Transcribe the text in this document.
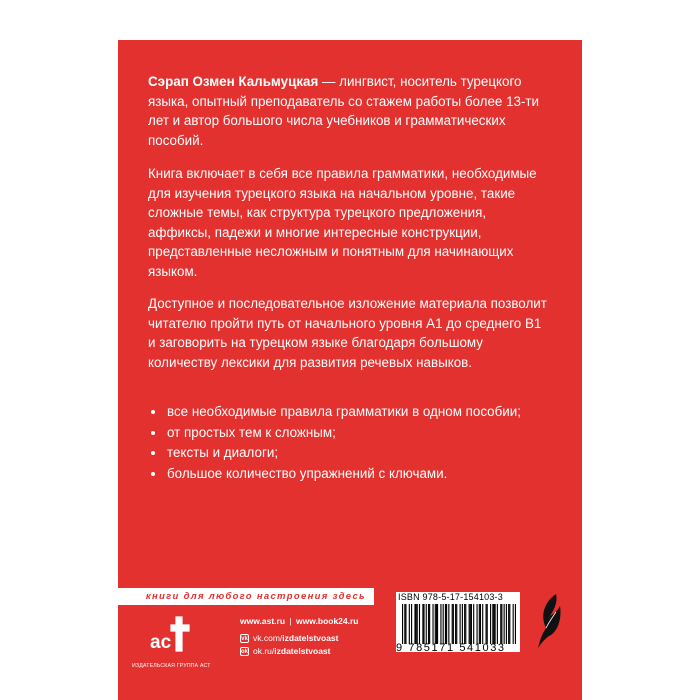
Сэрап Озмен Кальмуцкая — лингвист, носитель турецкого языка, опытный преподаватель со стажем работы более 13-ти лет и автор большого числа учебников и грамматических пособий.

Книга включает в себя все правила грамматики, необходимые для изучения турецкого языка на начальном уровне, такие сложные темы, как структура турецкого предложения, аффиксы, падежи и многие интересные конструкции, представленные несложным и понятным для начинающих языком.

Доступное и последовательное изложение материала позволит читателю пройти путь от начального уровня А1 до среднего В1 и заговорить на турецком языке благодаря большому количеству лексики для развития речевых навыков.

все необходимые правила грамматики в одном пособии;
от простых тем к сложным;
тексты и диалоги;
большое количество упражнений с ключами.
книги для любого настроения здесь
ac
ИЗДАТЕЛЬСКАЯ ГРУППА АСТ
www.ast.ru | www.book24.ru
vk vk.com/izdatelstvoast
ok ok.ru/izdatelstvoast
ISBN 978-5-17-154103-3
9 785171 541033
